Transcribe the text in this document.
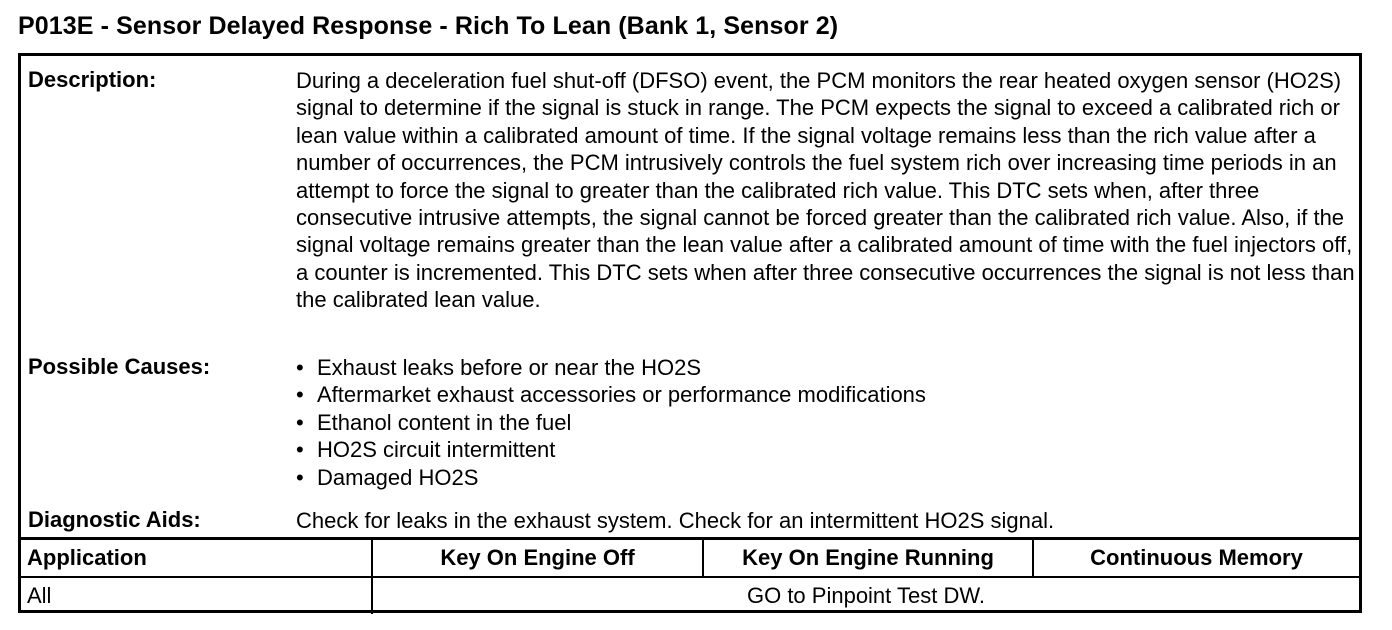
P013E - Sensor Delayed Response - Rich To Lean (Bank 1, Sensor 2)
Description:	During a deceleration fuel shut-off (DFSO) event, the PCM monitors the rear heated oxygen sensor (HO2S) signal to determine if the signal is stuck in range. The PCM expects the signal to exceed a calibrated rich or lean value within a calibrated amount of time. If the signal voltage remains less than the rich value after a number of occurrences, the PCM intrusively controls the fuel system rich over increasing time periods in an attempt to force the signal to greater than the calibrated rich value. This DTC sets when, after three consecutive intrusive attempts, the signal cannot be forced greater than the calibrated rich value. Also, if the signal voltage remains greater than the lean value after a calibrated amount of time with the fuel injectors off, a counter is incremented. This DTC sets when after three consecutive occurrences the signal is not less than the calibrated lean value.
Possible Causes:	• Exhaust leaks before or near the HO2S
• Aftermarket exhaust accessories or performance modifications
• Ethanol content in the fuel
• HO2S circuit intermittent
• Damaged HO2S
Diagnostic Aids:	Check for leaks in the exhaust system. Check for an intermittent HO2S signal.
Application	Key On Engine Off	Key On Engine Running	Continuous Memory
All	GO to Pinpoint Test DW.		
